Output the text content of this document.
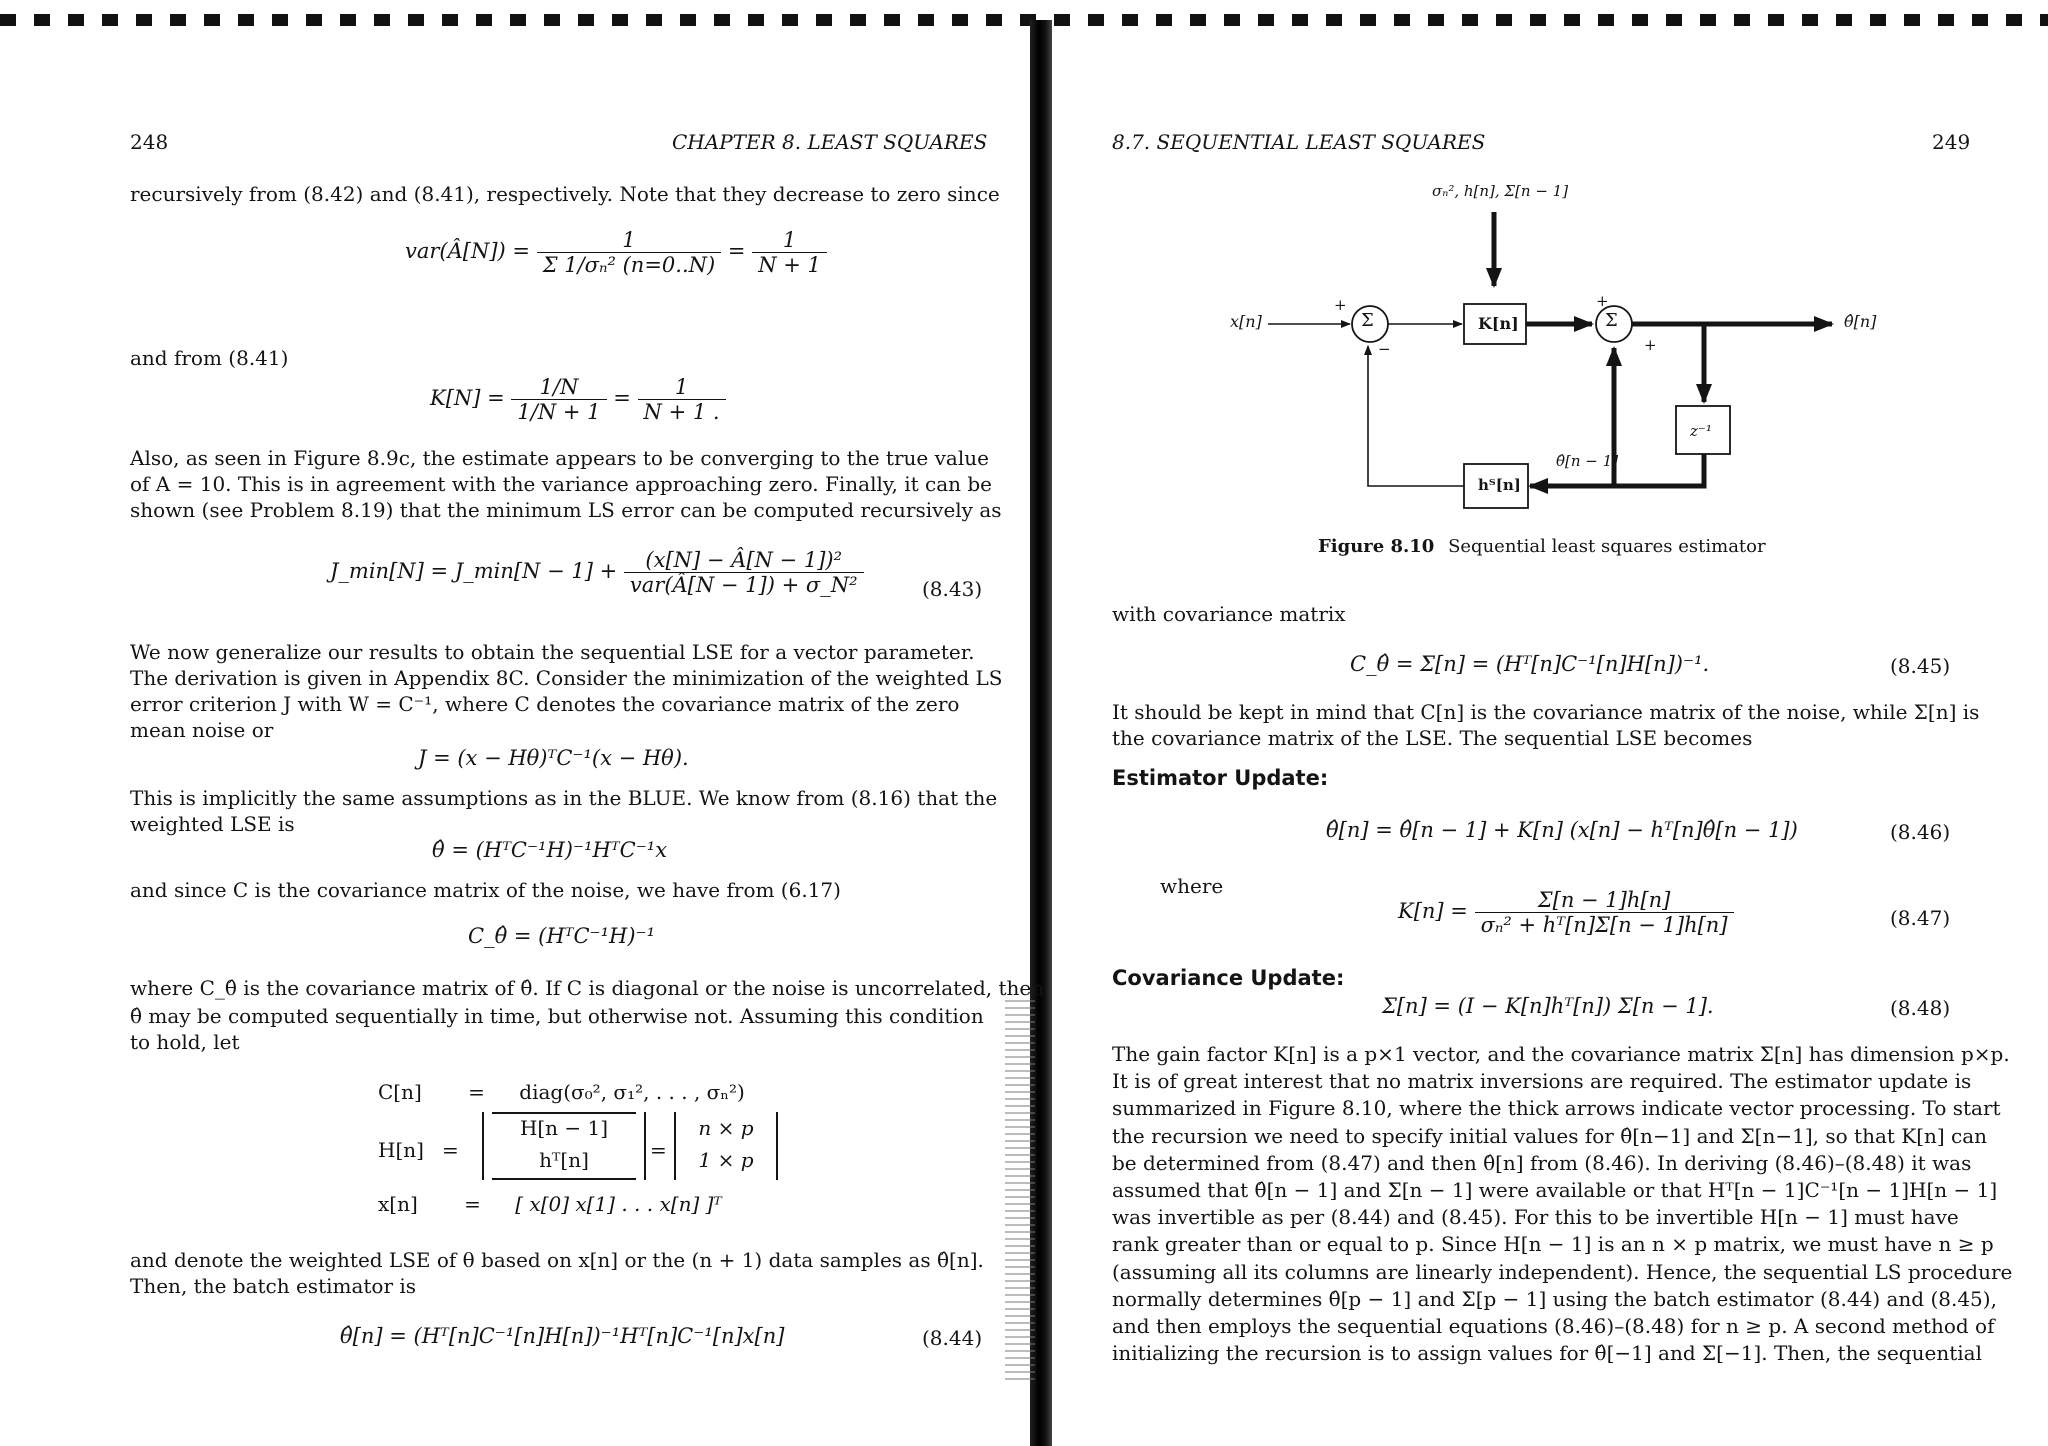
248	CHAPTER 8. LEAST SQUARES
recursively from (8.42) and (8.41), respectively. Note that they decrease to zero since
var(Â[N]) = $\frac{1}{\text{Σ 1/σₙ² (n=0..N)}} = \frac{1}{N + 1}$
and from (8.41)
$K[N] = \frac{1/N}{1/N + 1} = \frac{1}{N + 1 .}$
Also, as seen in Figure 8.9c, the estimate appears to be converging to the true value
of A = 10. This is in agreement with the variance approaching zero. Finally, it can be
shown (see Problem 8.19) that the minimum LS error can be computed recursively as
J_min[N] = J_min[N − $1] + \frac{\text{(x[N] − Â[N − 1])²}}{\text{var(Â[N − 1]) + σ\_N²}}$	(8.43)
We now generalize our results to obtain the sequential LSE for a vector parameter.
The derivation is given in Appendix 8C. Consider the minimization of the weighted LS
error criterion J with W = C⁻¹, where C denotes the covariance matrix of the zero
mean noise or
J = (x − Hθ)ᵀC⁻¹(x − Hθ).
This is implicitly the same assumptions as in the BLUE. We know from (8.16) that the
weighted LSE is
θ̂ = (HᵀC⁻¹H)⁻¹HᵀC⁻¹x
and since C is the covariance matrix of the noise, we have from (6.17)
C_θ̂ = (HᵀC⁻¹H)⁻¹
where C_θ̂ is the covariance matrix of θ̂. If C is diagonal or the noise is uncorrelated, then
θ̂ may be computed sequentially in time, but otherwise not. Assuming this condition
to hold, let
C[n] = diag(σ₀², σ₁², . . . , σₙ²)
H[n] =
H[n − 1]
hᵀ[n]	=
n × p
1 × p
x[n] = [ x[0] x[1] . . . x[n] ]ᵀ
and denote the weighted LSE of θ based on x[n] or the (n + 1) data samples as θ̂[n].
Then, the batch estimator is
θ̂[n] = (Hᵀ[n]C⁻¹[n]H[n])⁻¹Hᵀ[n]C⁻¹[n]x[n]	(8.44)
8.7. SEQUENTIAL LEAST SQUARES	249
σₙ², h[n], Σ[n − 1]
x[n]	Σ	Σ
+
−
+
+
K[n]
z⁻¹
hᵀ[n]
θ̂[n − 1]
θ̂[n]
Figure 8.10 Sequential least squares estimator
with covariance matrix
C_θ̂ = Σ[n] = (Hᵀ[n]C⁻¹[n]H[n])⁻¹.	(8.45)
It should be kept in mind that C[n] is the covariance matrix of the noise, while Σ[n] is
the covariance matrix of the LSE. The sequential LSE becomes
Estimator Update:
θ̂[n] = θ̂[n − 1] + K[n] (x[n] − hᵀ[n]θ̂[n − 1])	(8.46)
where
$K[n] = \frac{\Sigma[n - 1]h[n]}{\text{σₙ² + hᵀ[n]Σ[n − 1]h[n]}}$	(8.47)
Covariance Update:
Σ[n] = (I − K[n]hᵀ[n]) Σ[n − 1].	(8.48)
The gain factor K[n] is a p×1 vector, and the covariance matrix Σ[n] has dimension p×p.
It is of great interest that no matrix inversions are required. The estimator update is
summarized in Figure 8.10, where the thick arrows indicate vector processing. To start
the recursion we need to specify initial values for θ̂[n−1] and Σ[n−1], so that K[n] can
be determined from (8.47) and then θ̂[n] from (8.46). In deriving (8.46)–(8.48) it was
assumed that θ̂[n − 1] and Σ[n − 1] were available or that Hᵀ[n − 1]C⁻¹[n − 1]H[n − 1]
was invertible as per (8.44) and (8.45). For this to be invertible H[n − 1] must have
rank greater than or equal to p. Since H[n − 1] is an n × p matrix, we must have n ≥ p
(assuming all its columns are linearly independent). Hence, the sequential LS procedure
normally determines θ̂[p − 1] and Σ[p − 1] using the batch estimator (8.44) and (8.45),
and then employs the sequential equations (8.46)–(8.48) for n ≥ p. A second method of
initializing the recursion is to assign values for θ̂[−1] and Σ[−1]. Then, the sequential
